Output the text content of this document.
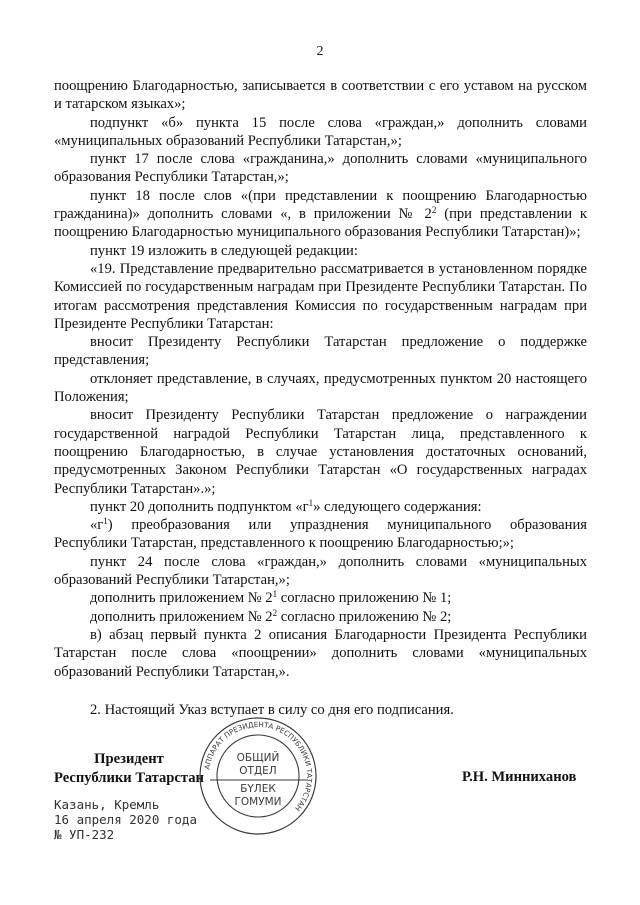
2

поощрению Благодарностью, записывается в соответствии с его уставом на русском и татарском языках»;

подпункт «б» пункта 15 после слова «граждан,» дополнить словами «муниципальных образований Республики Татарстан,»;

пункт 17 после слова «гражданина,» дополнить словами «муниципального образования Республики Татарстан,»;

пункт 18 после слов «(при представлении к поощрению Благодарностью гражданина)» дополнить словами «, в приложении № $2^2$ (при представлении к поощрению Благодарностью муниципального образования Республики Татарстан)»;

пункт 19 изложить в следующей редакции:

«19. Представление предварительно рассматривается в установленном порядке Комиссией по государственным наградам при Президенте Республики Татарстан. По итогам рассмотрения представления Комиссия по государственным наградам при Президенте Республики Татарстан:

вносит Президенту Республики Татарстан предложение о поддержке представления;

отклоняет представление, в случаях, предусмотренных пунктом 20 настоящего Положения;

вносит Президенту Республики Татарстан предложение о награждении государственной наградой Республики Татарстан лица, представленного к поощрению Благодарностью, в случае установления достаточных оснований, предусмотренных Законом Республики Татарстан «О государственных наградах Республики Татарстан».»;

пункт 20 дополнить подпунктом «$г^1$» следующего содержания:

«$г^1$) преобразования или упразднения муниципального образования Республики Татарстан, представленного к поощрению Благодарностью;»;

пункт 24 после слова «граждан,» дополнить словами «муниципальных образований Республики Татарстан,»;

дополнить приложением № $2^1$ согласно приложению № 1;

дополнить приложением № $2^2$ согласно приложению № 2;

в) абзац первый пункта 2 описания Благодарности Президента Республики Татарстан после слова «поощрении» дополнить словами «муниципальных образований Республики Татарстан,».

2. Настоящий Указ вступает в силу со дня его подписания.

Президент
Республики Татарстан
АППАРАТ ПРЕЗИДЕНТА РЕСПУБЛИКИ ТАТАРСТАН
ОБЩИЙ
ОТДЕЛ
БҮЛЕК
ГОМУМИ
Р.Н. Минниханов
Казань, Кремль
16 апреля 2020 года
№ УП-232
